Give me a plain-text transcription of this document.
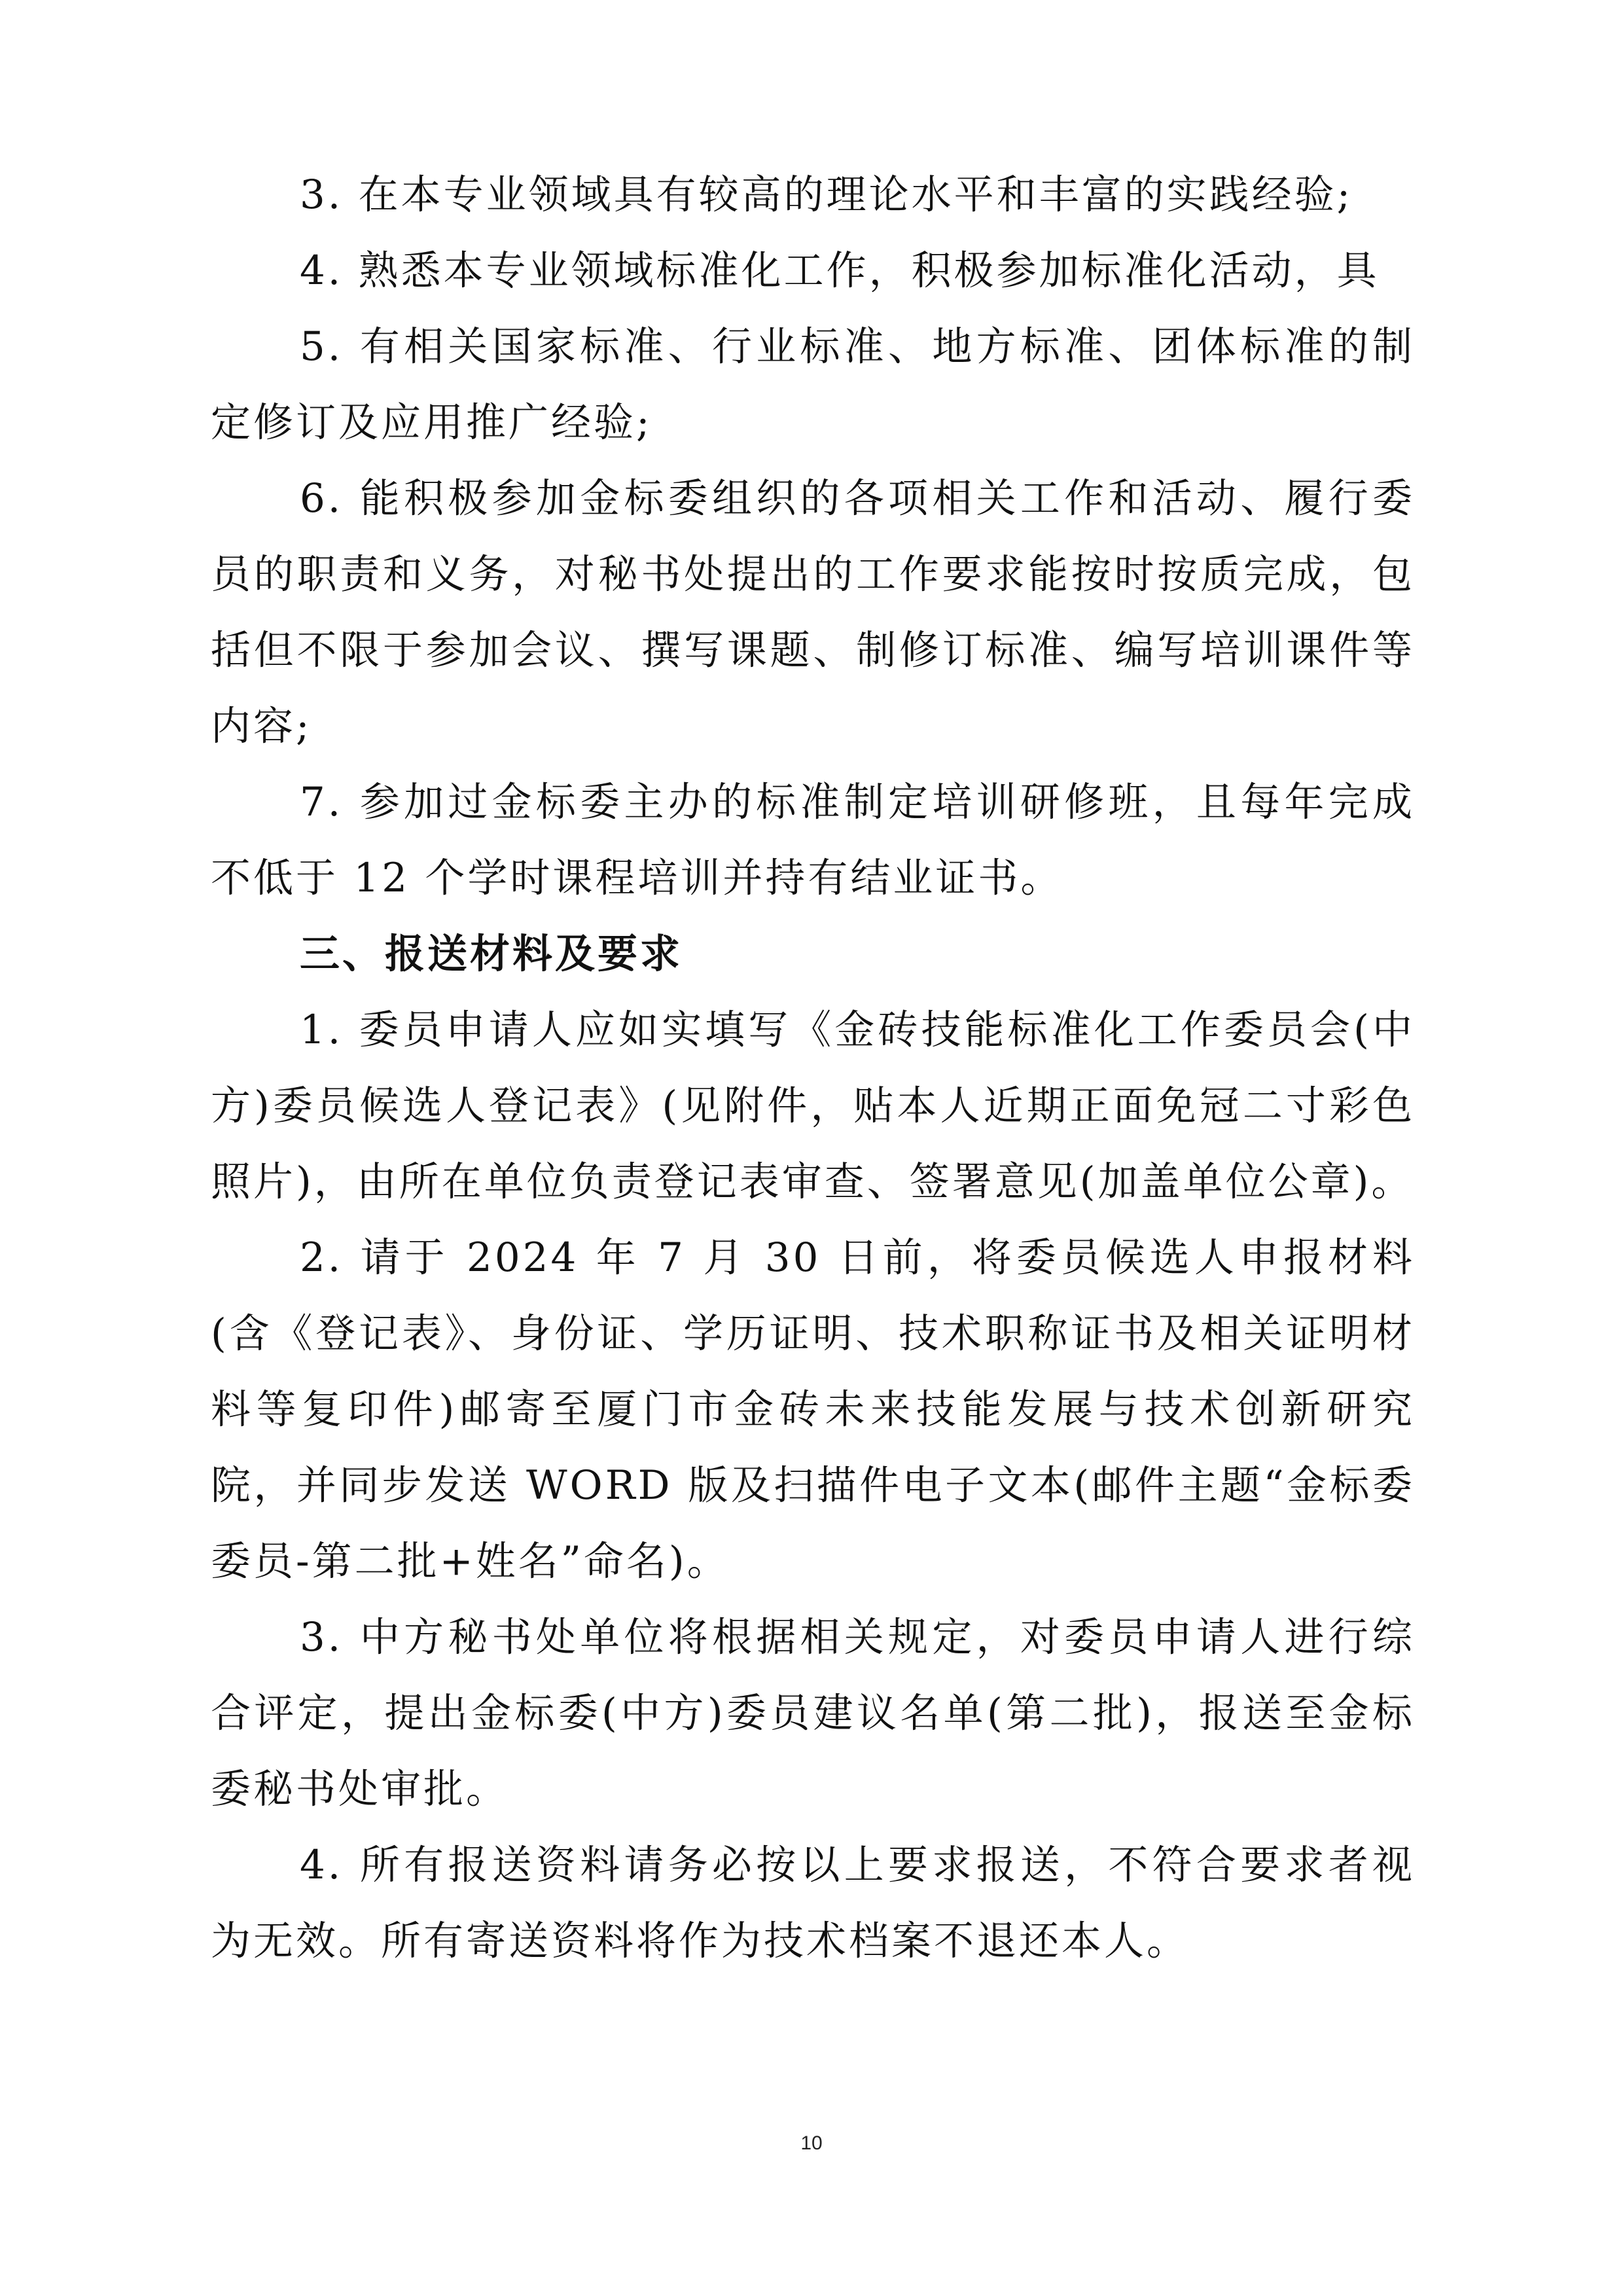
3. 在本专业领域具有较高的理论水平和丰富的实践经验;

4. 熟悉本专业领域标准化工作，积极参加标准化活动，具

5. 有相关国家标准、行业标准、地方标准、团体标准的制定修订及应用推广经验;

6. 能积极参加金标委组织的各项相关工作和活动、履行委员的职责和义务，对秘书处提出的工作要求能按时按质完成，包括但不限于参加会议、撰写课题、制修订标准、编写培训课件等内容;

7. 参加过金标委主办的标准制定培训研修班，且每年完成不低于 12 个学时课程培训并持有结业证书。

三、报送材料及要求

1. 委员申请人应如实填写《金砖技能标准化工作委员会(中方)委员候选人登记表》(见附件，贴本人近期正面免冠二寸彩色照片)，由所在单位负责登记表审查、签署意见(加盖单位公章)。

2. 请于 2024 年 7 月 30 日前，将委员候选人申报材料(含《登记表》、身份证、学历证明、技术职称证书及相关证明材料等复印件)邮寄至厦门市金砖未来技能发展与技术创新研究院，并同步发送 WORD 版及扫描件电子文本(邮件主题“金标委委员-第二批+姓名”命名)。

3. 中方秘书处单位将根据相关规定，对委员申请人进行综合评定，提出金标委(中方)委员建议名单(第二批)，报送至金标委秘书处审批。

4. 所有报送资料请务必按以上要求报送，不符合要求者视为无效。所有寄送资料将作为技术档案不退还本人。

10
